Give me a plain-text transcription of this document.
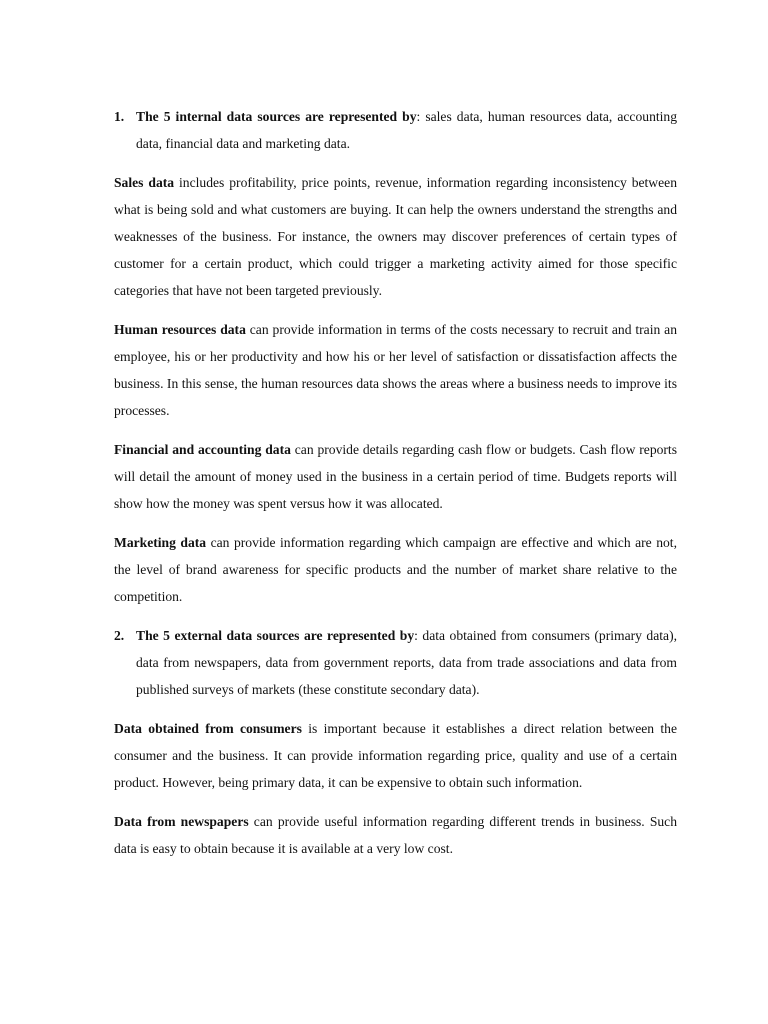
1. The 5 internal data sources are represented by: sales data, human resources data, accounting data, financial data and marketing data.

Sales data includes profitability, price points, revenue, information regarding inconsistency between what is being sold and what customers are buying. It can help the owners understand the strengths and weaknesses of the business. For instance, the owners may discover preferences of certain types of customer for a certain product, which could trigger a marketing activity aimed for those specific categories that have not been targeted previously.

Human resources data can provide information in terms of the costs necessary to recruit and train an employee, his or her productivity and how his or her level of satisfaction or dissatisfaction affects the business. In this sense, the human resources data shows the areas where a business needs to improve its processes.

Financial and accounting data can provide details regarding cash flow or budgets. Cash flow reports will detail the amount of money used in the business in a certain period of time. Budgets reports will show how the money was spent versus how it was allocated.

Marketing data can provide information regarding which campaign are effective and which are not, the level of brand awareness for specific products and the number of market share relative to the competition.

2. The 5 external data sources are represented by: data obtained from consumers (primary data), data from newspapers, data from government reports, data from trade associations and data from published surveys of markets (these constitute secondary data).

Data obtained from consumers is important because it establishes a direct relation between the consumer and the business. It can provide information regarding price, quality and use of a certain product. However, being primary data, it can be expensive to obtain such information.

Data from newspapers can provide useful information regarding different trends in business. Such data is easy to obtain because it is available at a very low cost.
